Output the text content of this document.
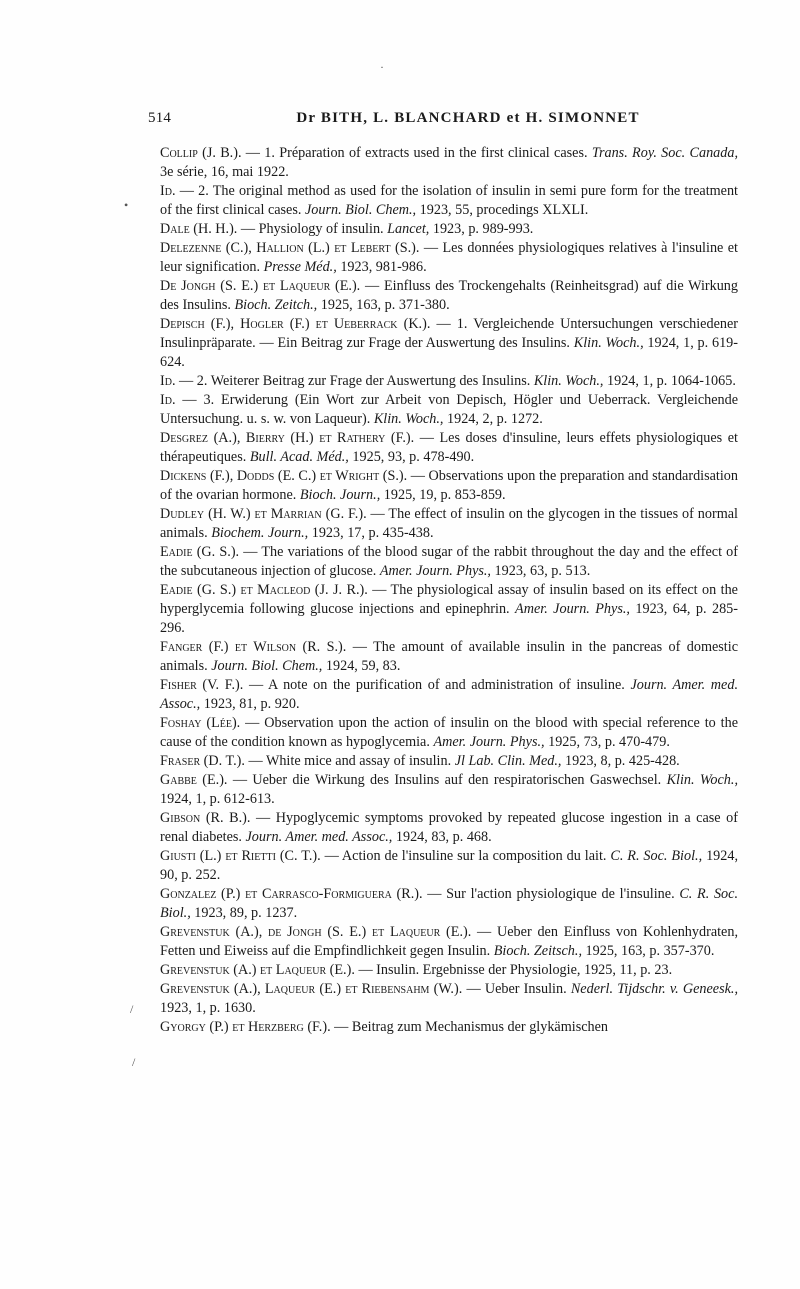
514	Dr BITH, L. BLANCHARD et H. SIMONNET

Collip (J. B.). — 1. Préparation of extracts used in the first clinical cases. Trans. Roy. Soc. Canada, 3e série, 16, mai 1922.

Id. — 2. The original method as used for the isolation of insulin in semi pure form for the treatment of the first clinical cases. Journ. Biol. Chem., 1923, 55, procedings XLXLI.

Dale (H. H.). — Physiology of insulin. Lancet, 1923, p. 989-993.

Delezenne (C.), Hallion (L.) et Lebert (S.). — Les données physiologiques relatives à l'insuline et leur signification. Presse Méd., 1923, 981-986.

De Jongh (S. E.) et Laqueur (E.). — Einfluss des Trockengehalts (Reinheitsgrad) auf die Wirkung des Insulins. Bioch. Zeitch., 1925, 163, p. 371-380.

Depisch (F.), Hogler (F.) et Ueberrack (K.). — 1. Vergleichende Untersuchungen verschiedener Insulinpräparate. — Ein Beitrag zur Frage der Auswertung des Insulins. Klin. Woch., 1924, 1, p. 619-624.

Id. — 2. Weiterer Beitrag zur Frage der Auswertung des Insulins. Klin. Woch., 1924, 1, p. 1064-1065.

Id. — 3. Erwiderung (Ein Wort zur Arbeit von Depisch, Högler und Ueberrack. Vergleichende Untersuchung. u. s. w. von Laqueur). Klin. Woch., 1924, 2, p. 1272.

Desgrez (A.), Bierry (H.) et Rathery (F.). — Les doses d'insuline, leurs effets physiologiques et thérapeutiques. Bull. Acad. Méd., 1925, 93, p. 478-490.

Dickens (F.), Dodds (E. C.) et Wright (S.). — Observations upon the preparation and standardisation of the ovarian hormone. Bioch. Journ., 1925, 19, p. 853-859.

Dudley (H. W.) et Marrian (G. F.). — The effect of insulin on the glycogen in the tissues of normal animals. Biochem. Journ., 1923, 17, p. 435-438.

Eadie (G. S.). — The variations of the blood sugar of the rabbit throughout the day and the effect of the subcutaneous injection of glucose. Amer. Journ. Phys., 1923, 63, p. 513.

Eadie (G. S.) et Macleod (J. J. R.). — The physiological assay of insulin based on its effect on the hyperglycemia following glucose injections and epinephrin. Amer. Journ. Phys., 1923, 64, p. 285-296.

Fanger (F.) et Wilson (R. S.). — The amount of available insulin in the pancreas of domestic animals. Journ. Biol. Chem., 1924, 59, 83.

Fisher (V. F.). — A note on the purification of and administration of insuline. Journ. Amer. med. Assoc., 1923, 81, p. 920.

Foshay (Lée). — Observation upon the action of insulin on the blood with special reference to the cause of the condition known as hypoglycemia. Amer. Journ. Phys., 1925, 73, p. 470-479.

Fraser (D. T.). — White mice and assay of insulin. Jl Lab. Clin. Med., 1923, 8, p. 425-428.

Gabbe (E.). — Ueber die Wirkung des Insulins auf den respiratorischen Gaswechsel. Klin. Woch., 1924, 1, p. 612-613.

Gibson (R. B.). — Hypoglycemic symptoms provoked by repeated glucose ingestion in a case of renal diabetes. Journ. Amer. med. Assoc., 1924, 83, p. 468.

Giusti (L.) et Rietti (C. T.). — Action de l'insuline sur la composition du lait. C. R. Soc. Biol., 1924, 90, p. 252.

Gonzalez (P.) et Carrasco-Formiguera (R.). — Sur l'action physiologique de l'insuline. C. R. Soc. Biol., 1923, 89, p. 1237.

Grevenstuk (A.), de Jongh (S. E.) et Laqueur (E.). — Ueber den Einfluss von Kohlenhydraten, Fetten und Eiweiss auf die Empfindlichkeit gegen Insulin. Bioch. Zeitsch., 1925, 163, p. 357-370.

Grevenstuk (A.) et Laqueur (E.). — Insulin. Ergebnisse der Physiologie, 1925, 11, p. 23.

Grevenstuk (A.), Laqueur (E.) et Riebensahm (W.). — Ueber Insulin. Nederl. Tijdschr. v. Geneesk., 1923, 1, p. 1630.

Gyorgy (P.) et Herzberg (F.). — Beitrag zum Mechanismus der glykämischen

•
·
/
/
